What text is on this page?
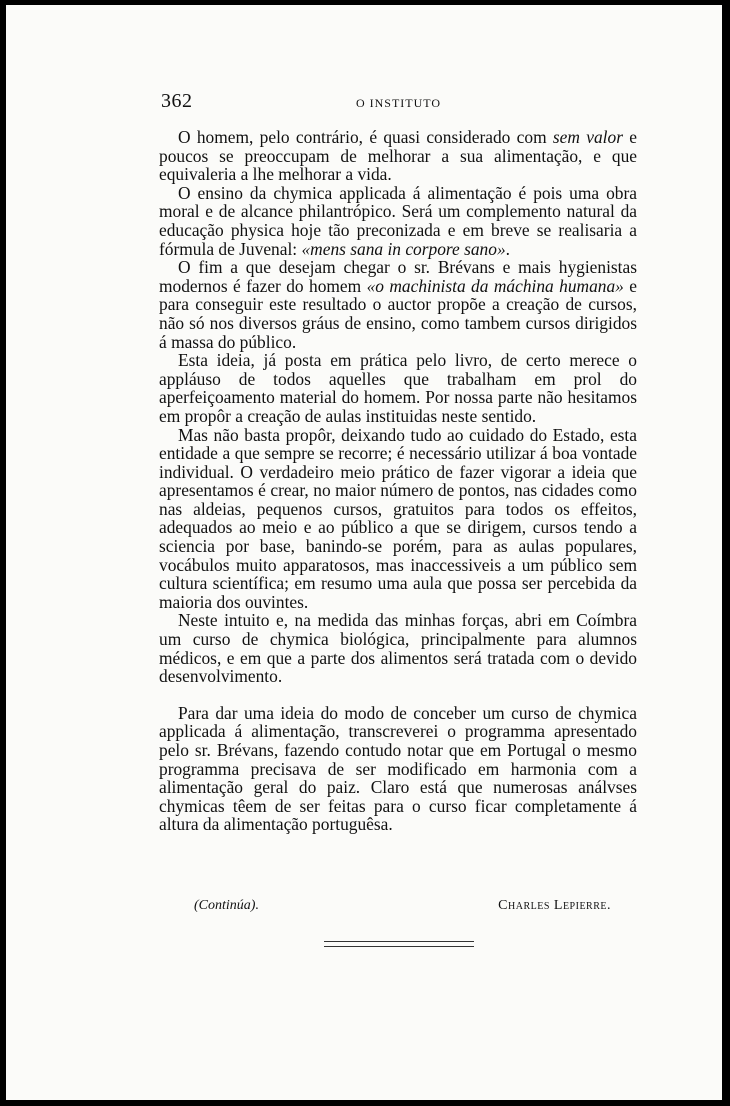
362	O INSTITUTO

O homem, pelo contrário, é quasi considerado com sem valor e poucos se preoccupam de melhorar a sua alimentação, e que equivaleria a lhe melhorar a vida.

O ensino da chymica applicada á alimentação é pois uma obra moral e de alcance philantrópico. Será um complemento natural da educação physica hoje tão preconizada e em breve se realisaria a fórmula de Juvenal: «mens sana in corpore sano».

O fim a que desejam chegar o sr. Brévans e mais hygienistas modernos é fazer do homem «o machinista da máchina humana» e para conseguir este resultado o auctor propõe a creação de cursos, não só nos diversos gráus de ensino, como tambem cursos dirigidos á massa do público.

Esta ideia, já posta em prática pelo livro, de certo merece o appláuso de todos aquelles que trabalham em prol do aperfeiçoamento material do homem. Por nossa parte não hesitamos em propôr a creação de aulas instituidas neste sentido.

Mas não basta propôr, deixando tudo ao cuidado do Estado, esta entidade a que sempre se recorre; é necessário utilizar á boa vontade individual. O verdadeiro meio prático de fazer vigorar a ideia que apresentamos é crear, no maior número de pontos, nas cidades como nas aldeias, pequenos cursos, gratuitos para todos os effeitos, adequados ao meio e ao público a que se dirigem, cursos tendo a sciencia por base, banindo-se porém, para as aulas populares, vocábulos muito apparatosos, mas inaccessiveis a um público sem cultura scientífica; em resumo uma aula que possa ser percebida da maioria dos ouvintes.

Neste intuito e, na medida das minhas forças, abri em Coímbra um curso de chymica biológica, principalmente para alumnos médicos, e em que a parte dos alimentos será tratada com o devido desenvolvimento.

Para dar uma ideia do modo de conceber um curso de chymica applicada á alimentação, transcreverei o programma apresentado pelo sr. Brévans, fazendo contudo notar que em Portugal o mesmo programma precisava de ser modificado em harmonia com a alimentação geral do paiz. Claro está que numerosas análvses chymicas têem de ser feitas para o curso ficar completamente á altura da alimentação portuguêsa.

(Continúa).	Charles Lepierre.
